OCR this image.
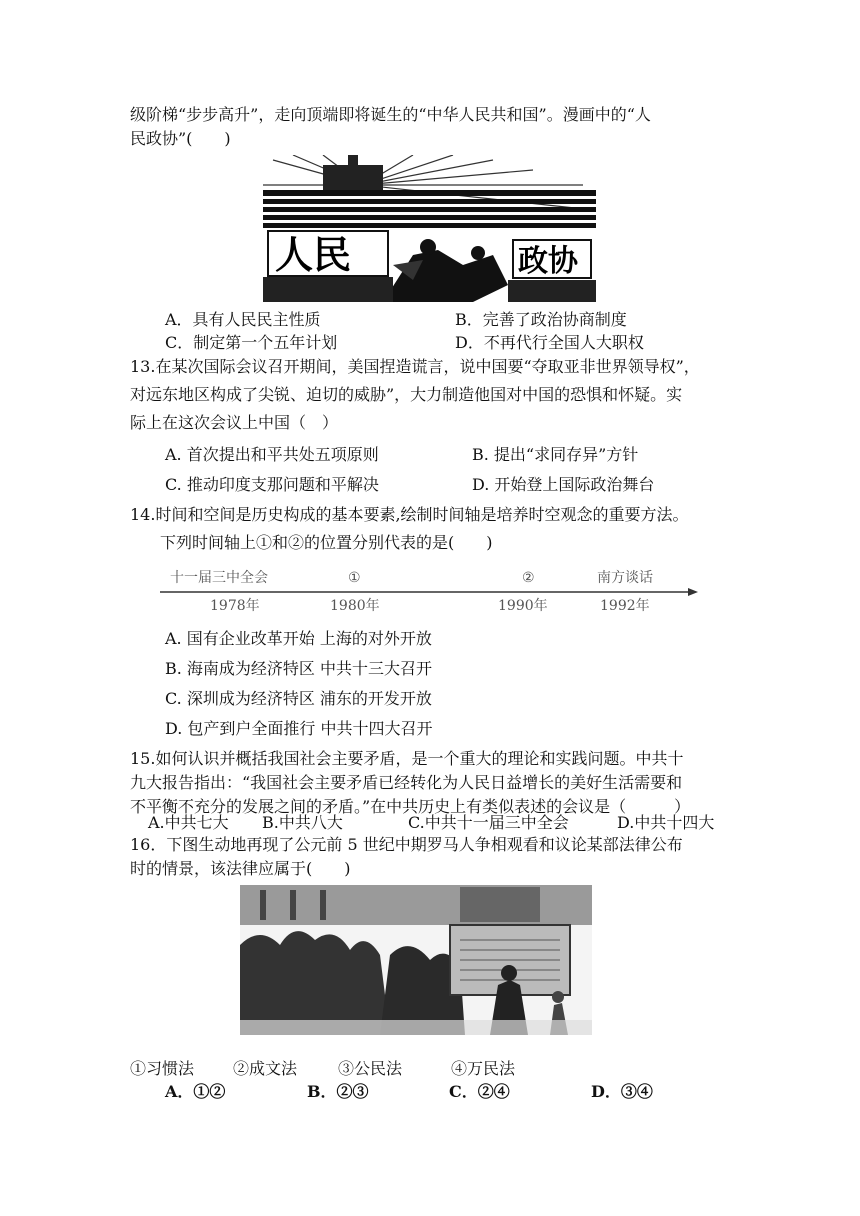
级阶梯“步步高升”，走向顶端即将诞生的“中华人民共和国”。漫画中的“人
民政协”(　　)
人民	政协
A．具有人民民主性质	B．完善了政治协商制度
C．制定第一个五年计划	D．不再代行全国人大职权
13.在某次国际会议召开期间，美国捏造谎言，说中国要“夺取亚非世界领导权”，
对远东地区构成了尖锐、迫切的威胁”，大力制造他国对中国的恐惧和怀疑。实
际上在这次会议上中国（　）
A. 首次提出和平共处五项原则	B. 提出“求同存异”方针
C. 推动印度支那问题和平解决	D. 开始登上国际政治舞台
14.时间和空间是历史构成的基本要素,绘制时间轴是培养时空观念的重要方法。
下列时间轴上①和②的位置分别代表的是(　　)
十一届三中全会	①	②	南方谈话
1978年	1980年	1990年	1992年
A. 国有企业改革开始 上海的对外开放
B. 海南成为经济特区 中共十三大召开
C. 深圳成为经济特区 浦东的开发开放
D. 包产到户全面推行 中共十四大召开
15.如何认识并概括我国社会主要矛盾，是一个重大的理论和实践问题。中共十
九大报告指出：“我国社会主要矛盾已经转化为人民日益增长的美好生活需要和
不平衡不充分的发展之间的矛盾。”在中共历史上有类似表述的会议是（　　　）
A.中共七大 B.中共八大	C.中共十一届三中全会	D.中共十四大
16．下图生动地再现了公元前 5 世纪中期罗马人争相观看和议论某部法律公布
时的情景，该法律应属于(　　)
①习惯法 ②成文法	③公民法	④万民法
A．①②	B．②③	C．②④	D．③④
